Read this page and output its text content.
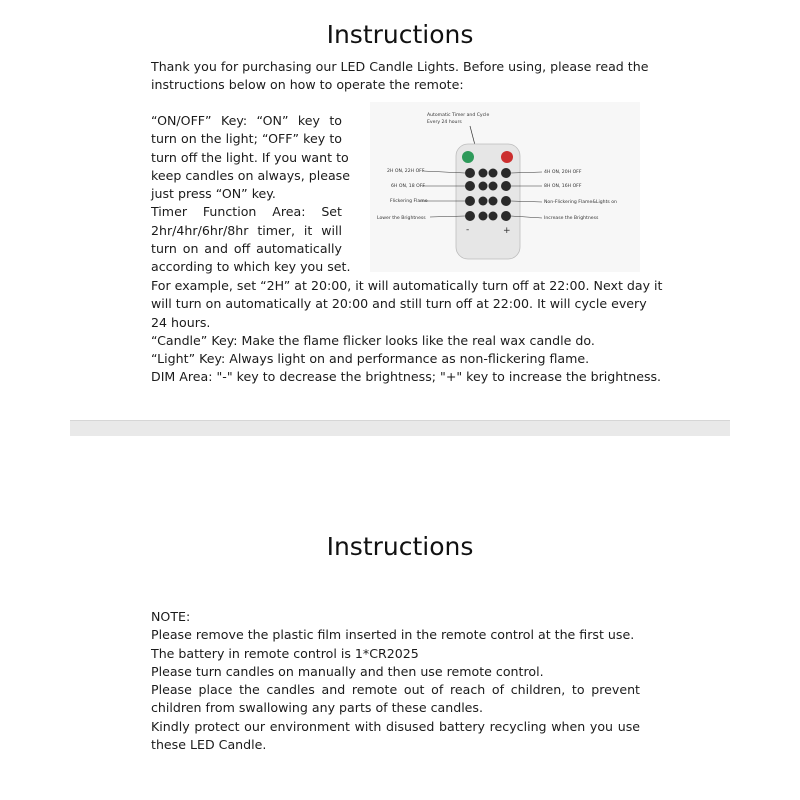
Instructions
Thank you for purchasing our LED Candle Lights. Before using, please read the
instructions below on how to operate the remote:
“ON/OFF” Key: “ON” key to
turn on the light; “OFF” key to
turn off the light. If you want to
keep candles on always, please
just press “ON” key.
Timer Function Area: Set
2hr/4hr/6hr/8hr timer, it will
turn on and off automatically
according to which key you set.
For example, set “2H” at 20:00, it will automatically turn off at 22:00. Next day it
will turn on automatically at 20:00 and still turn off at 22:00. It will cycle every
24 hours.
“Candle” Key: Make the flame flicker looks like the real wax candle do.
“Light” Key: Always light on and performance as non-flickering flame.
DIM Area: "-" key to decrease the brightness; "+" key to increase the brightness.
Automatic Timer and Cycle
Every 24 hours
-	+
2H ON, 22H OFF
6H ON, 18 OFF
Flickering Flame
Lower the Brightness
4H ON, 20H OFF
8H ON, 16H OFF
Non-Flickering Flame&Lights on
Increase the Brightness
Instructions
NOTE:
Please remove the plastic film inserted in the remote control at the first use.
The battery in remote control is 1*CR2025
Please turn candles on manually and then use remote control.
Please place the candles and remote out of reach of children, to prevent
children from swallowing any parts of these candles.
Kindly protect our environment with disused battery recycling when you use
these LED Candle.
